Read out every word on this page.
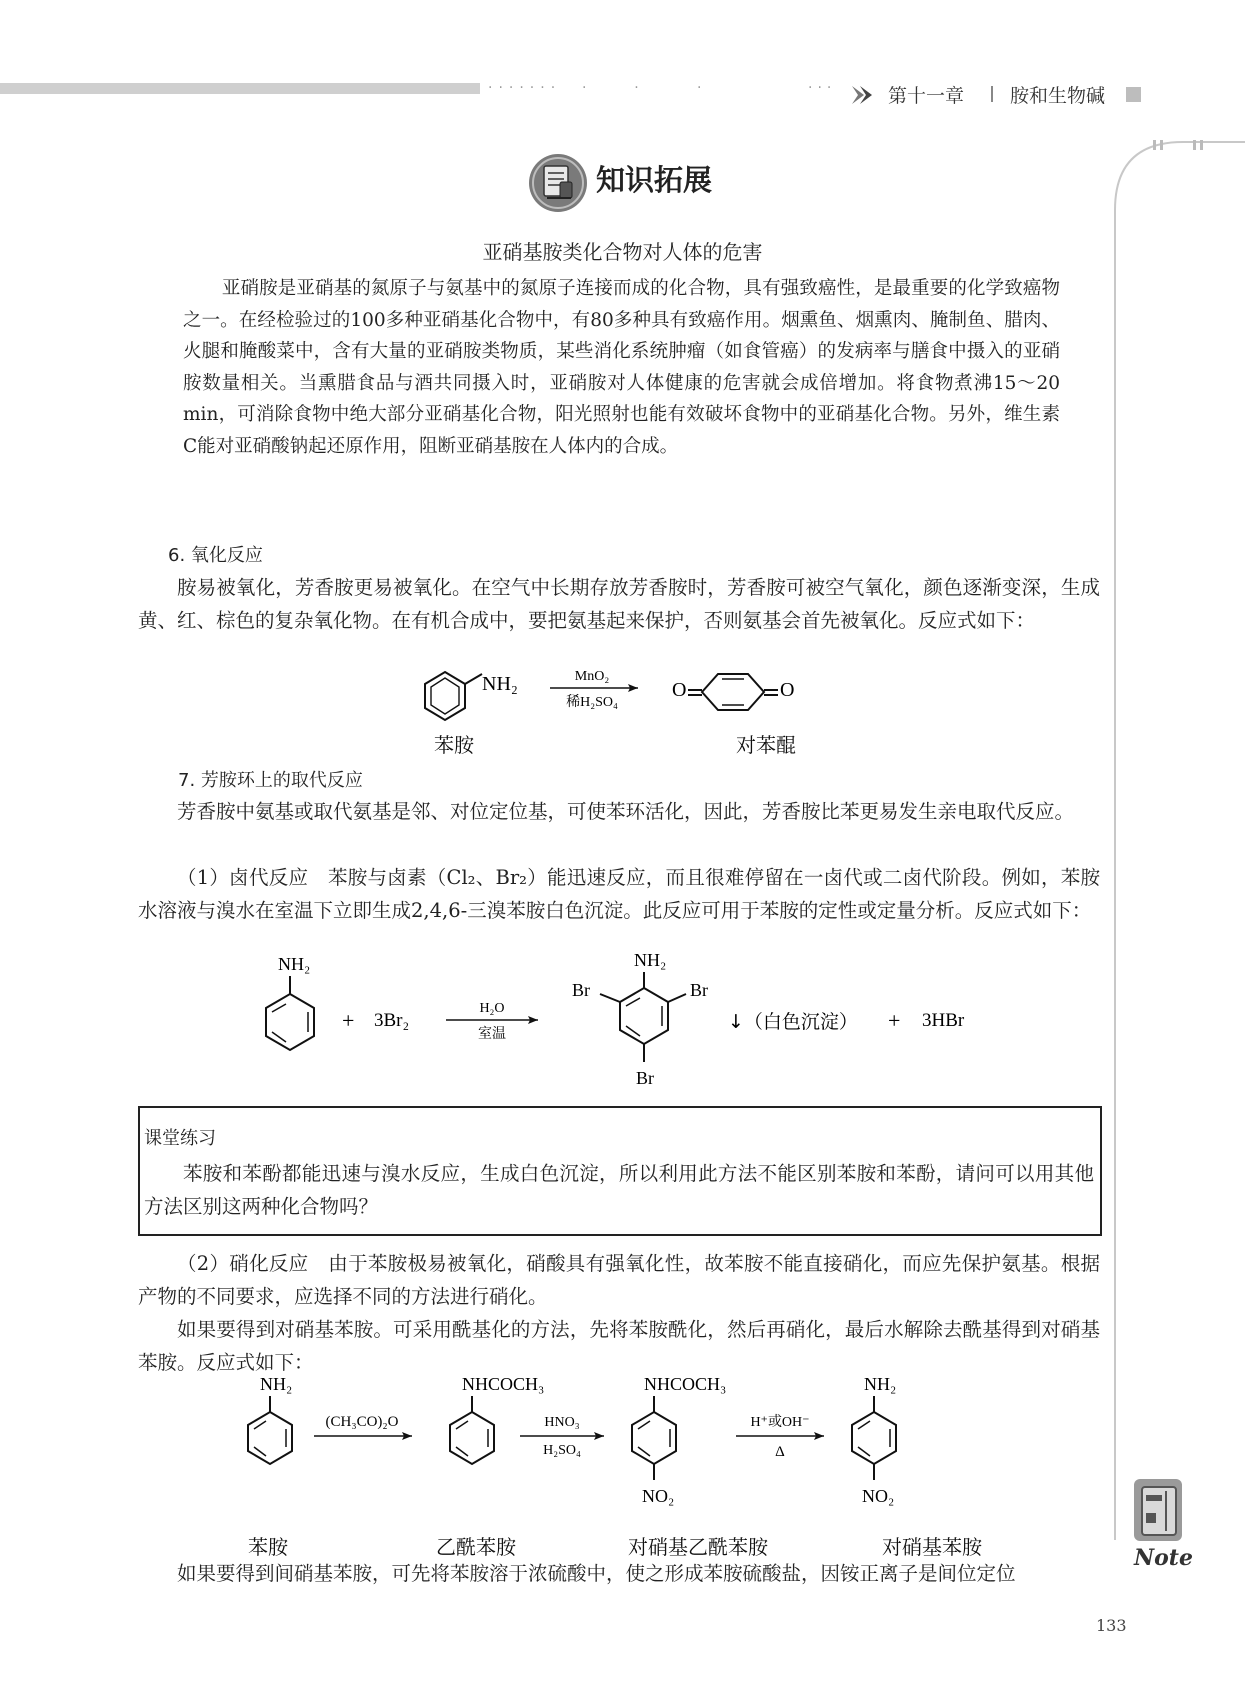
·······  ·    ·     ·	···	第十一章 胺和生物碱
知识拓展
亚硝基胺类化合物对人体的危害
亚硝胺是亚硝基的氮原子与氨基中的氮原子连接而成的化合物，具有强致癌性，是最重要的化学致癌物之一。在经检验过的100多种亚硝基化合物中，有80多种具有致癌作用。烟熏鱼、烟熏肉、腌制鱼、腊肉、火腿和腌酸菜中，含有大量的亚硝胺类物质，某些消化系统肿瘤（如食管癌）的发病率与膳食中摄入的亚硝胺数量相关。当熏腊食品与酒共同摄入时，亚硝胺对人体健康的危害就会成倍增加。将食物煮沸15～20 min，可消除食物中绝大部分亚硝基化合物，阳光照射也能有效破坏食物中的亚硝基化合物。另外，维生素C能对亚硝酸钠起还原作用，阻断亚硝基胺在人体内的合成。
6. 氧化反应
胺易被氧化，芳香胺更易被氧化。在空气中长期存放芳香胺时，芳香胺可被空气氧化，颜色逐渐变深，生成黄、红、棕色的复杂氧化物。在有机合成中，要把氨基起来保护，否则氨基会首先被氧化。反应式如下：
NH₂	MnO₂
稀H₂SO₄
O	O
苯胺	对苯醌
7. 芳胺环上的取代反应
芳香胺中氨基或取代氨基是邻、对位定位基，可使苯环活化，因此，芳香胺比苯更易发生亲电取代反应。
（1）卤代反应　苯胺与卤素（Cl₂、Br₂）能迅速反应，而且很难停留在一卤代或二卤代阶段。例如，苯胺水溶液与溴水在室温下立即生成2,4,6-三溴苯胺白色沉淀。此反应可用于苯胺的定性或定量分析。反应式如下：
NH₂
+ 3Br₂
H₂O
室温
NH₂
Br	Br
Br
↓（白色沉淀） + 3HBr
课堂练习
苯胺和苯酚都能迅速与溴水反应，生成白色沉淀，所以利用此方法不能区别苯胺和苯酚，请问可以用其他方法区别这两种化合物吗？
（2）硝化反应　由于苯胺极易被氧化，硝酸具有强氧化性，故苯胺不能直接硝化，而应先保护氨基。根据产物的不同要求，应选择不同的方法进行硝化。
如果要得到对硝基苯胺。可采用酰基化的方法，先将苯胺酰化，然后再硝化，最后水解除去酰基得到对硝基苯胺。反应式如下：
NH₂
(CH₃CO)₂O
NHCOCH₃
HNO₃
H₂SO₄
NHCOCH₃
NO₂
H⁺或OH⁻
Δ
NH₂
NO₂
苯胺	乙酰苯胺	对硝基乙酰苯胺	对硝基苯胺
如果要得到间硝基苯胺，可先将苯胺溶于浓硫酸中，使之形成苯胺硫酸盐，因铵正离子是间位定位
Note
133
